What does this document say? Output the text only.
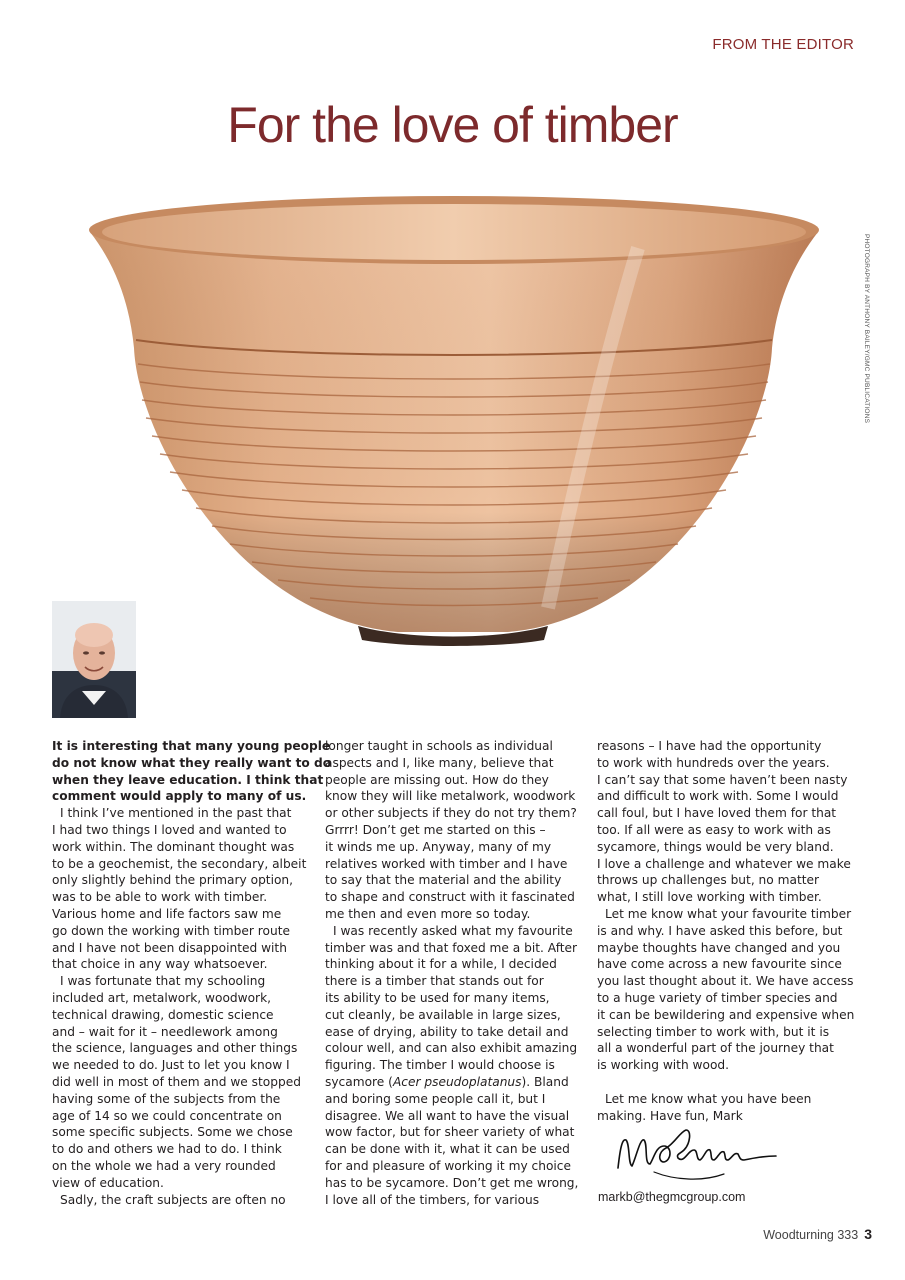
FROM THE EDITOR
For the love of timber
PHOTOGRAPH BY ANTHONY BAILEY/GMC PUBLICATIONS

It is interesting that many young people

do not know what they really want to do

when they leave education. I think that

comment would apply to many of us.

I think I’ve mentioned in the past that

I had two things I loved and wanted to

work within. The dominant thought was

to be a geochemist, the secondary, albeit

only slightly behind the primary option,

was to be able to work with timber.

Various home and life factors saw me

go down the working with timber route

and I have not been disappointed with

that choice in any way whatsoever.

I was fortunate that my schooling

included art, metalwork, woodwork,

technical drawing, domestic science

and – wait for it – needlework among

the science, languages and other things

we needed to do. Just to let you know I

did well in most of them and we stopped

having some of the subjects from the

age of 14 so we could concentrate on

some specific subjects. Some we chose

to do and others we had to do. I think

on the whole we had a very rounded

view of education.

Sadly, the craft subjects are often no

longer taught in schools as individual

aspects and I, like many, believe that

people are missing out. How do they

know they will like metalwork, woodwork

or other subjects if they do not try them?

Grrrr! Don’t get me started on this –

it winds me up. Anyway, many of my

relatives worked with timber and I have

to say that the material and the ability

to shape and construct with it fascinated

me then and even more so today.

I was recently asked what my favourite

timber was and that foxed me a bit. After

thinking about it for a while, I decided

there is a timber that stands out for

its ability to be used for many items,

cut cleanly, be available in large sizes,

ease of drying, ability to take detail and

colour well, and can also exhibit amazing

figuring. The timber I would choose is

sycamore (Acer pseudoplatanus). Bland

and boring some people call it, but I

disagree. We all want to have the visual

wow factor, but for sheer variety of what

can be done with it, what it can be used

for and pleasure of working it my choice

has to be sycamore. Don’t get me wrong,

I love all of the timbers, for various

reasons – I have had the opportunity

to work with hundreds over the years.

I can’t say that some haven’t been nasty

and difficult to work with. Some I would

call foul, but I have loved them for that

too. If all were as easy to work with as

sycamore, things would be very bland.

I love a challenge and whatever we make

throws up challenges but, no matter

what, I still love working with timber.

Let me know what your favourite timber

is and why. I have asked this before, but

maybe thoughts have changed and you

have come across a new favourite since

you last thought about it. We have access

to a huge variety of timber species and

it can be bewildering and expensive when

selecting timber to work with, but it is

all a wonderful part of the journey that

is working with wood.

Let me know what you have been

making. Have fun, Mark

markb@thegmcgroup.com
Woodturning 333 3
